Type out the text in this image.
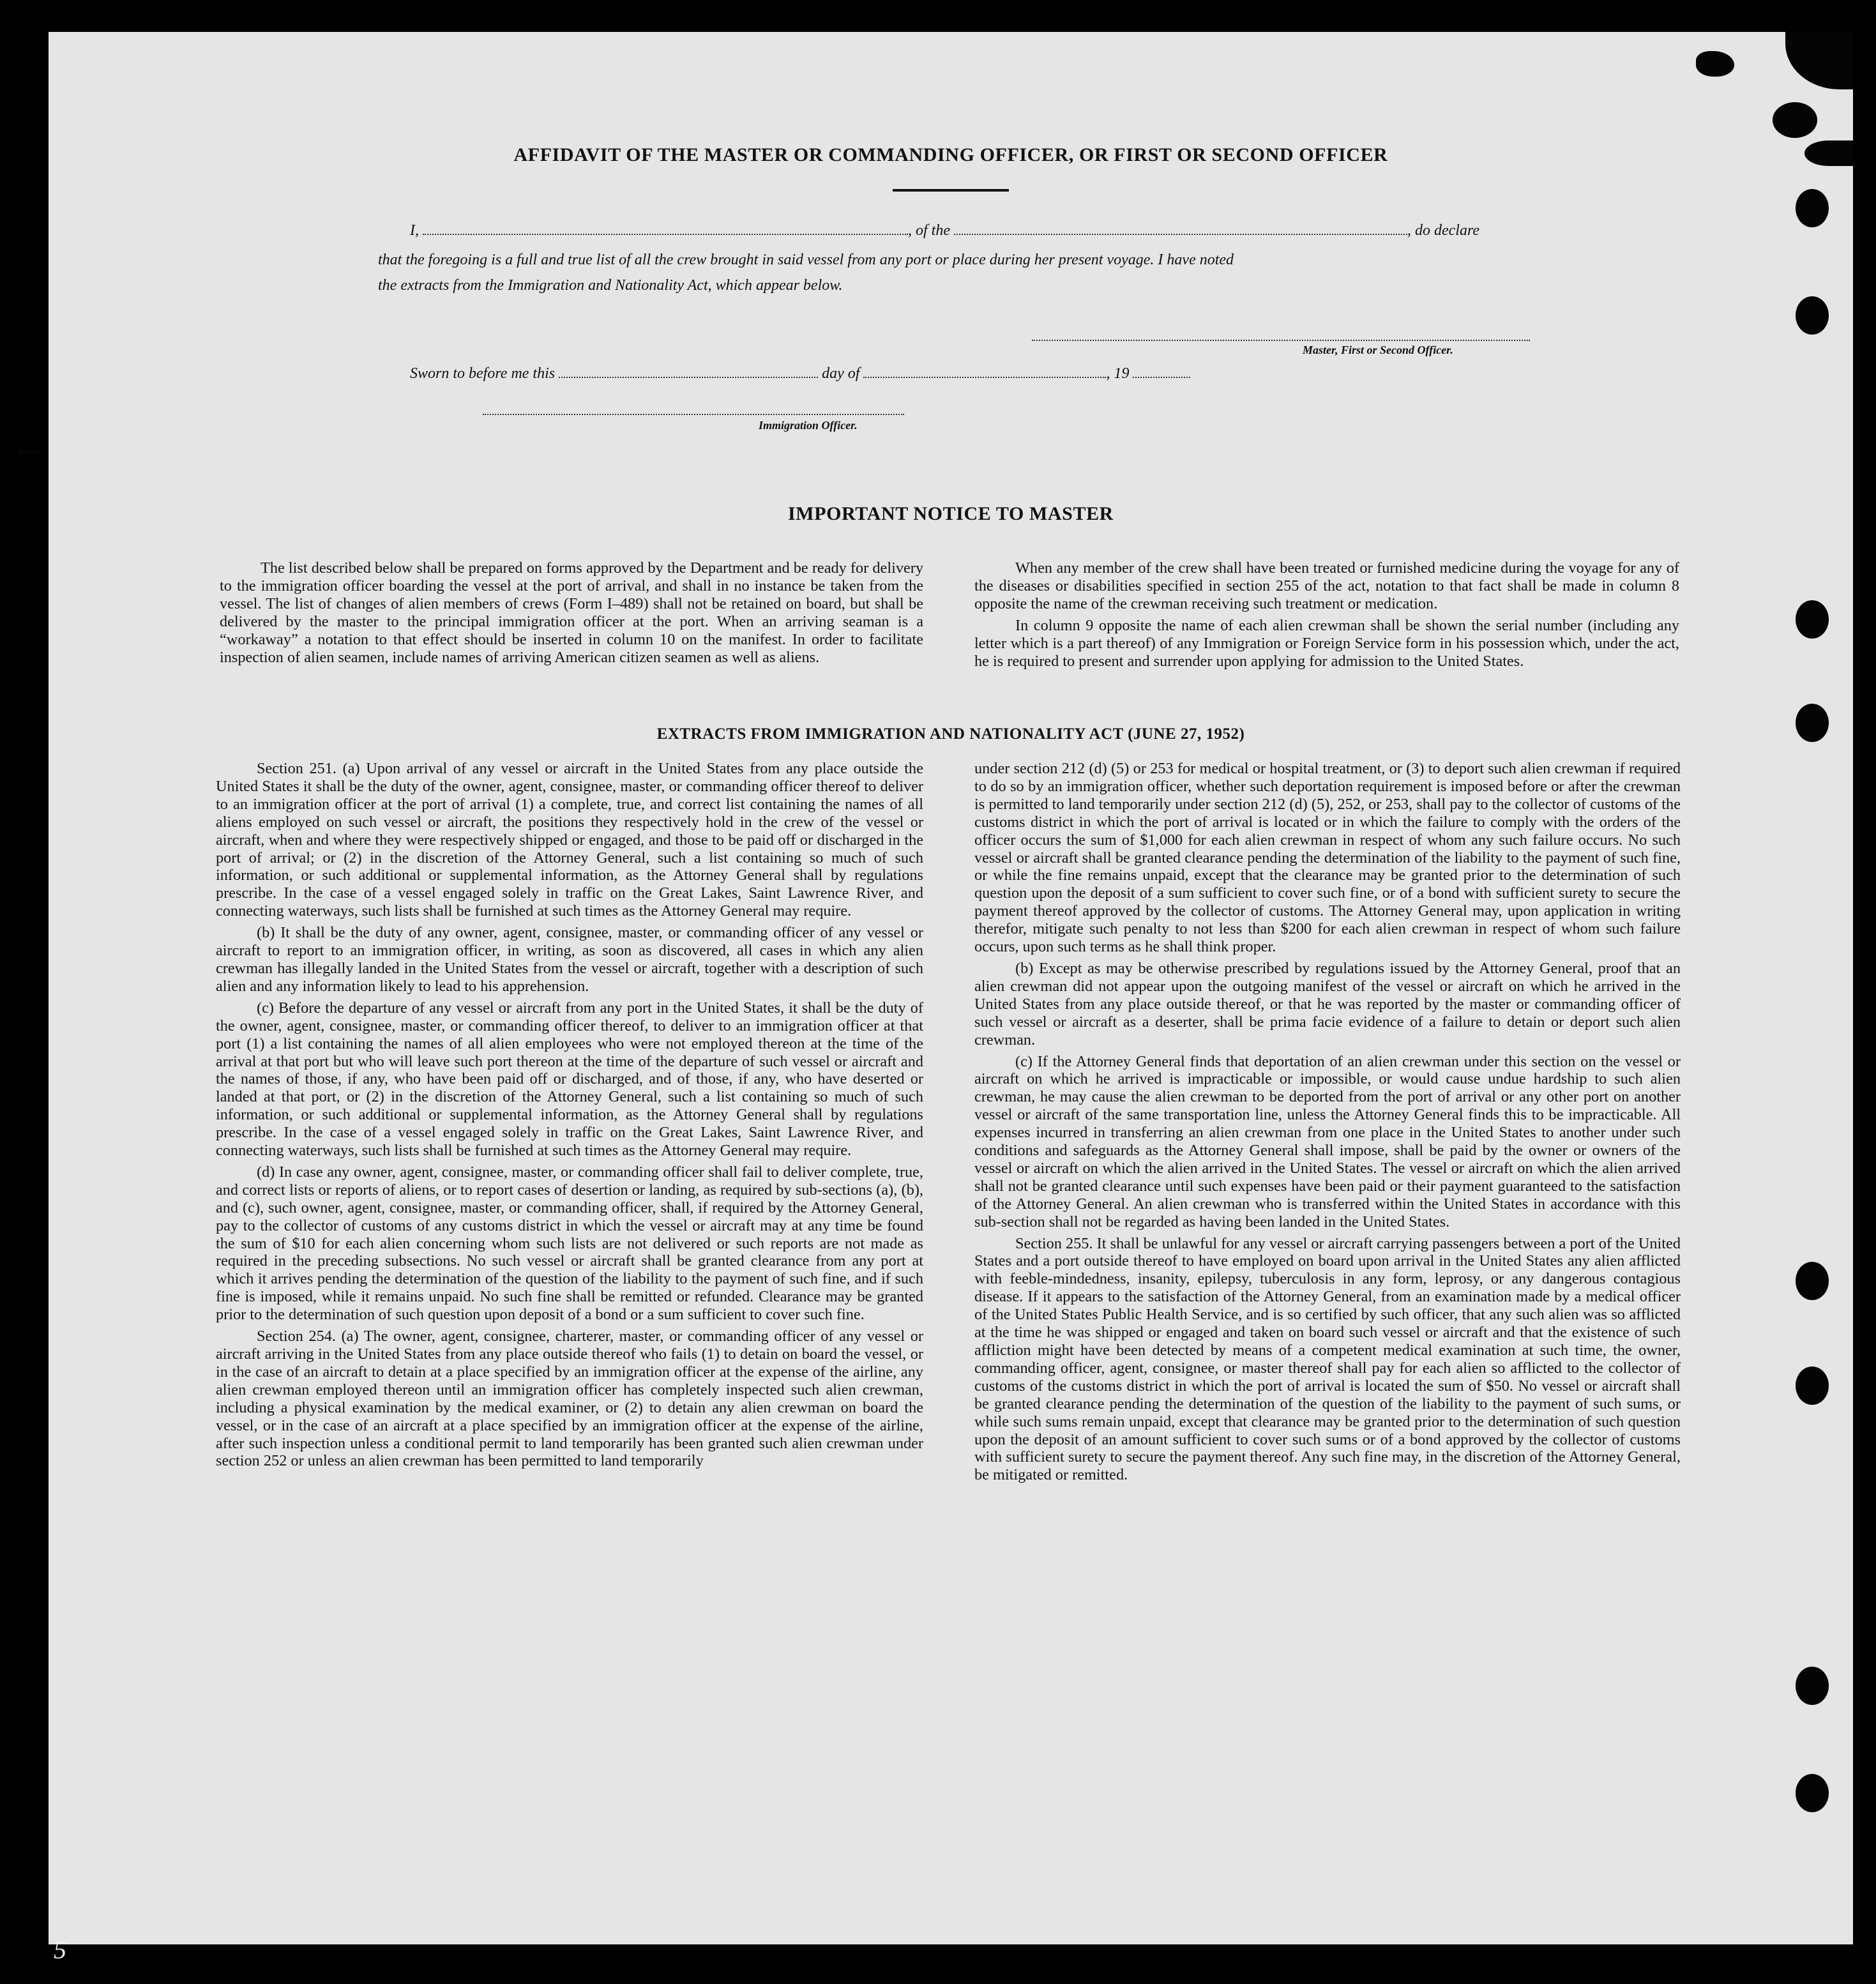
AFFIDAVIT OF THE MASTER OR COMMANDING OFFICER, OR FIRST OR SECOND OFFICER
I,	, of the	, do declare
that the foregoing is a full and true list of all the crew brought in said vessel from any port or place during her present voyage. I have noted
the extracts from the Immigration and Nationality Act, which appear below.
Master, First or Second Officer.
Sworn to before me this	day of	, 19
Immigration Officer.
IMPORTANT NOTICE TO MASTER

The list described below shall be prepared on forms approved by the Department and be ready for delivery to the immigration officer boarding the vessel at the port of arrival, and shall in no instance be taken from the vessel. The list of changes of alien members of crews (Form I–489) shall not be retained on board, but shall be delivered by the master to the principal immigration officer at the port. When an arriving seaman is a “workaway” a notation to that effect should be inserted in column 10 on the manifest. In order to facilitate inspection of alien seamen, include names of arriving American citizen seamen as well as aliens.

When any member of the crew shall have been treated or furnished medicine during the voyage for any of the diseases or disabilities specified in section 255 of the act, notation to that fact shall be made in column 8 opposite the name of the crewman receiving such treatment or medication.

In column 9 opposite the name of each alien crewman shall be shown the serial number (including any letter which is a part thereof) of any Immigration or Foreign Service form in his possession which, under the act, he is required to present and surrender upon applying for admission to the United States.

EXTRACTS FROM IMMIGRATION AND NATIONALITY ACT (JUNE 27, 1952)

Section 251. (a) Upon arrival of any vessel or aircraft in the United States from any place outside the United States it shall be the duty of the owner, agent, consignee, master, or commanding officer thereof to deliver to an immigration officer at the port of arrival (1) a complete, true, and correct list containing the names of all aliens employed on such vessel or aircraft, the positions they respectively hold in the crew of the vessel or aircraft, when and where they were respectively shipped or engaged, and those to be paid off or discharged in the port of arrival; or (2) in the discretion of the Attorney General, such a list containing so much of such information, or such additional or supplemental information, as the Attorney General shall by regulations prescribe. In the case of a vessel engaged solely in traffic on the Great Lakes, Saint Lawrence River, and connecting waterways, such lists shall be furnished at such times as the Attorney General may require.

(b) It shall be the duty of any owner, agent, consignee, master, or commanding officer of any vessel or aircraft to report to an immigration officer, in writing, as soon as discovered, all cases in which any alien crewman has illegally landed in the United States from the vessel or aircraft, together with a description of such alien and any information likely to lead to his apprehension.

(c) Before the departure of any vessel or aircraft from any port in the United States, it shall be the duty of the owner, agent, consignee, master, or commanding officer thereof, to deliver to an immigration officer at that port (1) a list containing the names of all alien employees who were not employed thereon at the time of the arrival at that port but who will leave such port thereon at the time of the departure of such vessel or aircraft and the names of those, if any, who have been paid off or discharged, and of those, if any, who have deserted or landed at that port, or (2) in the discretion of the Attorney General, such a list containing so much of such information, or such additional or supplemental information, as the Attorney General shall by regulations prescribe. In the case of a vessel engaged solely in traffic on the Great Lakes, Saint Lawrence River, and connecting waterways, such lists shall be furnished at such times as the Attorney General may require.

(d) In case any owner, agent, consignee, master, or commanding officer shall fail to deliver complete, true, and correct lists or reports of aliens, or to report cases of desertion or landing, as required by sub-sections (a), (b), and (c), such owner, agent, consignee, master, or commanding officer, shall, if required by the Attorney General, pay to the collector of customs of any customs district in which the vessel or aircraft may at any time be found the sum of $10 for each alien concerning whom such lists are not delivered or such reports are not made as required in the preceding subsections. No such vessel or aircraft shall be granted clearance from any port at which it arrives pending the determination of the question of the liability to the payment of such fine, and if such fine is imposed, while it remains unpaid. No such fine shall be remitted or refunded. Clearance may be granted prior to the determination of such question upon deposit of a bond or a sum sufficient to cover such fine.

Section 254. (a) The owner, agent, consignee, charterer, master, or commanding officer of any vessel or aircraft arriving in the United States from any place outside thereof who fails (1) to detain on board the vessel, or in the case of an aircraft to detain at a place specified by an immigration officer at the expense of the airline, any alien crewman employed thereon until an immigration officer has completely inspected such alien crewman, including a physical examination by the medical examiner, or (2) to detain any alien crewman on board the vessel, or in the case of an aircraft at a place specified by an immigration officer at the expense of the airline, after such inspection unless a conditional permit to land temporarily has been granted such alien crewman under section 252 or unless an alien crewman has been permitted to land temporarily

under section 212 (d) (5) or 253 for medical or hospital treatment, or (3) to deport such alien crewman if required to do so by an immigration officer, whether such deportation requirement is imposed before or after the crewman is permitted to land temporarily under section 212 (d) (5), 252, or 253, shall pay to the collector of customs of the customs district in which the port of arrival is located or in which the failure to comply with the orders of the officer occurs the sum of $1,000 for each alien crewman in respect of whom any such failure occurs. No such vessel or aircraft shall be granted clearance pending the determination of the liability to the payment of such fine, or while the fine remains unpaid, except that the clearance may be granted prior to the determination of such question upon the deposit of a sum sufficient to cover such fine, or of a bond with sufficient surety to secure the payment thereof approved by the collector of customs. The Attorney General may, upon application in writing therefor, mitigate such penalty to not less than $200 for each alien crewman in respect of whom such failure occurs, upon such terms as he shall think proper.

(b) Except as may be otherwise prescribed by regulations issued by the Attorney General, proof that an alien crewman did not appear upon the outgoing manifest of the vessel or aircraft on which he arrived in the United States from any place outside thereof, or that he was reported by the master or commanding officer of such vessel or aircraft as a deserter, shall be prima facie evidence of a failure to detain or deport such alien crewman.

(c) If the Attorney General finds that deportation of an alien crewman under this section on the vessel or aircraft on which he arrived is impracticable or impossible, or would cause undue hardship to such alien crewman, he may cause the alien crewman to be deported from the port of arrival or any other port on another vessel or aircraft of the same transportation line, unless the Attorney General finds this to be impracticable. All expenses incurred in transferring an alien crewman from one place in the United States to another under such conditions and safeguards as the Attorney General shall impose, shall be paid by the owner or owners of the vessel or aircraft on which the alien arrived in the United States. The vessel or aircraft on which the alien arrived shall not be granted clearance until such expenses have been paid or their payment guaranteed to the satisfaction of the Attorney General. An alien crewman who is transferred within the United States in accordance with this sub-section shall not be regarded as having been landed in the United States.

Section 255. It shall be unlawful for any vessel or aircraft carrying passengers between a port of the United States and a port outside thereof to have employed on board upon arrival in the United States any alien afflicted with feeble-mindedness, insanity, epilepsy, tuberculosis in any form, leprosy, or any dangerous contagious disease. If it appears to the satisfaction of the Attorney General, from an examination made by a medical officer of the United States Public Health Service, and is so certified by such officer, that any such alien was so afflicted at the time he was shipped or engaged and taken on board such vessel or aircraft and that the existence of such affliction might have been detected by means of a competent medical examination at such time, the owner, commanding officer, agent, consignee, or master thereof shall pay for each alien so afflicted to the collector of customs of the customs district in which the port of arrival is located the sum of $50. No vessel or aircraft shall be granted clearance pending the determination of the question of the liability to the payment of such sums, or while such sums remain unpaid, except that clearance may be granted prior to the determination of such question upon the deposit of an amount sufficient to cover such sums or of a bond approved by the collector of customs with sufficient surety to secure the payment thereof. Any such fine may, in the discretion of the Attorney General, be mitigated or remitted.

5
